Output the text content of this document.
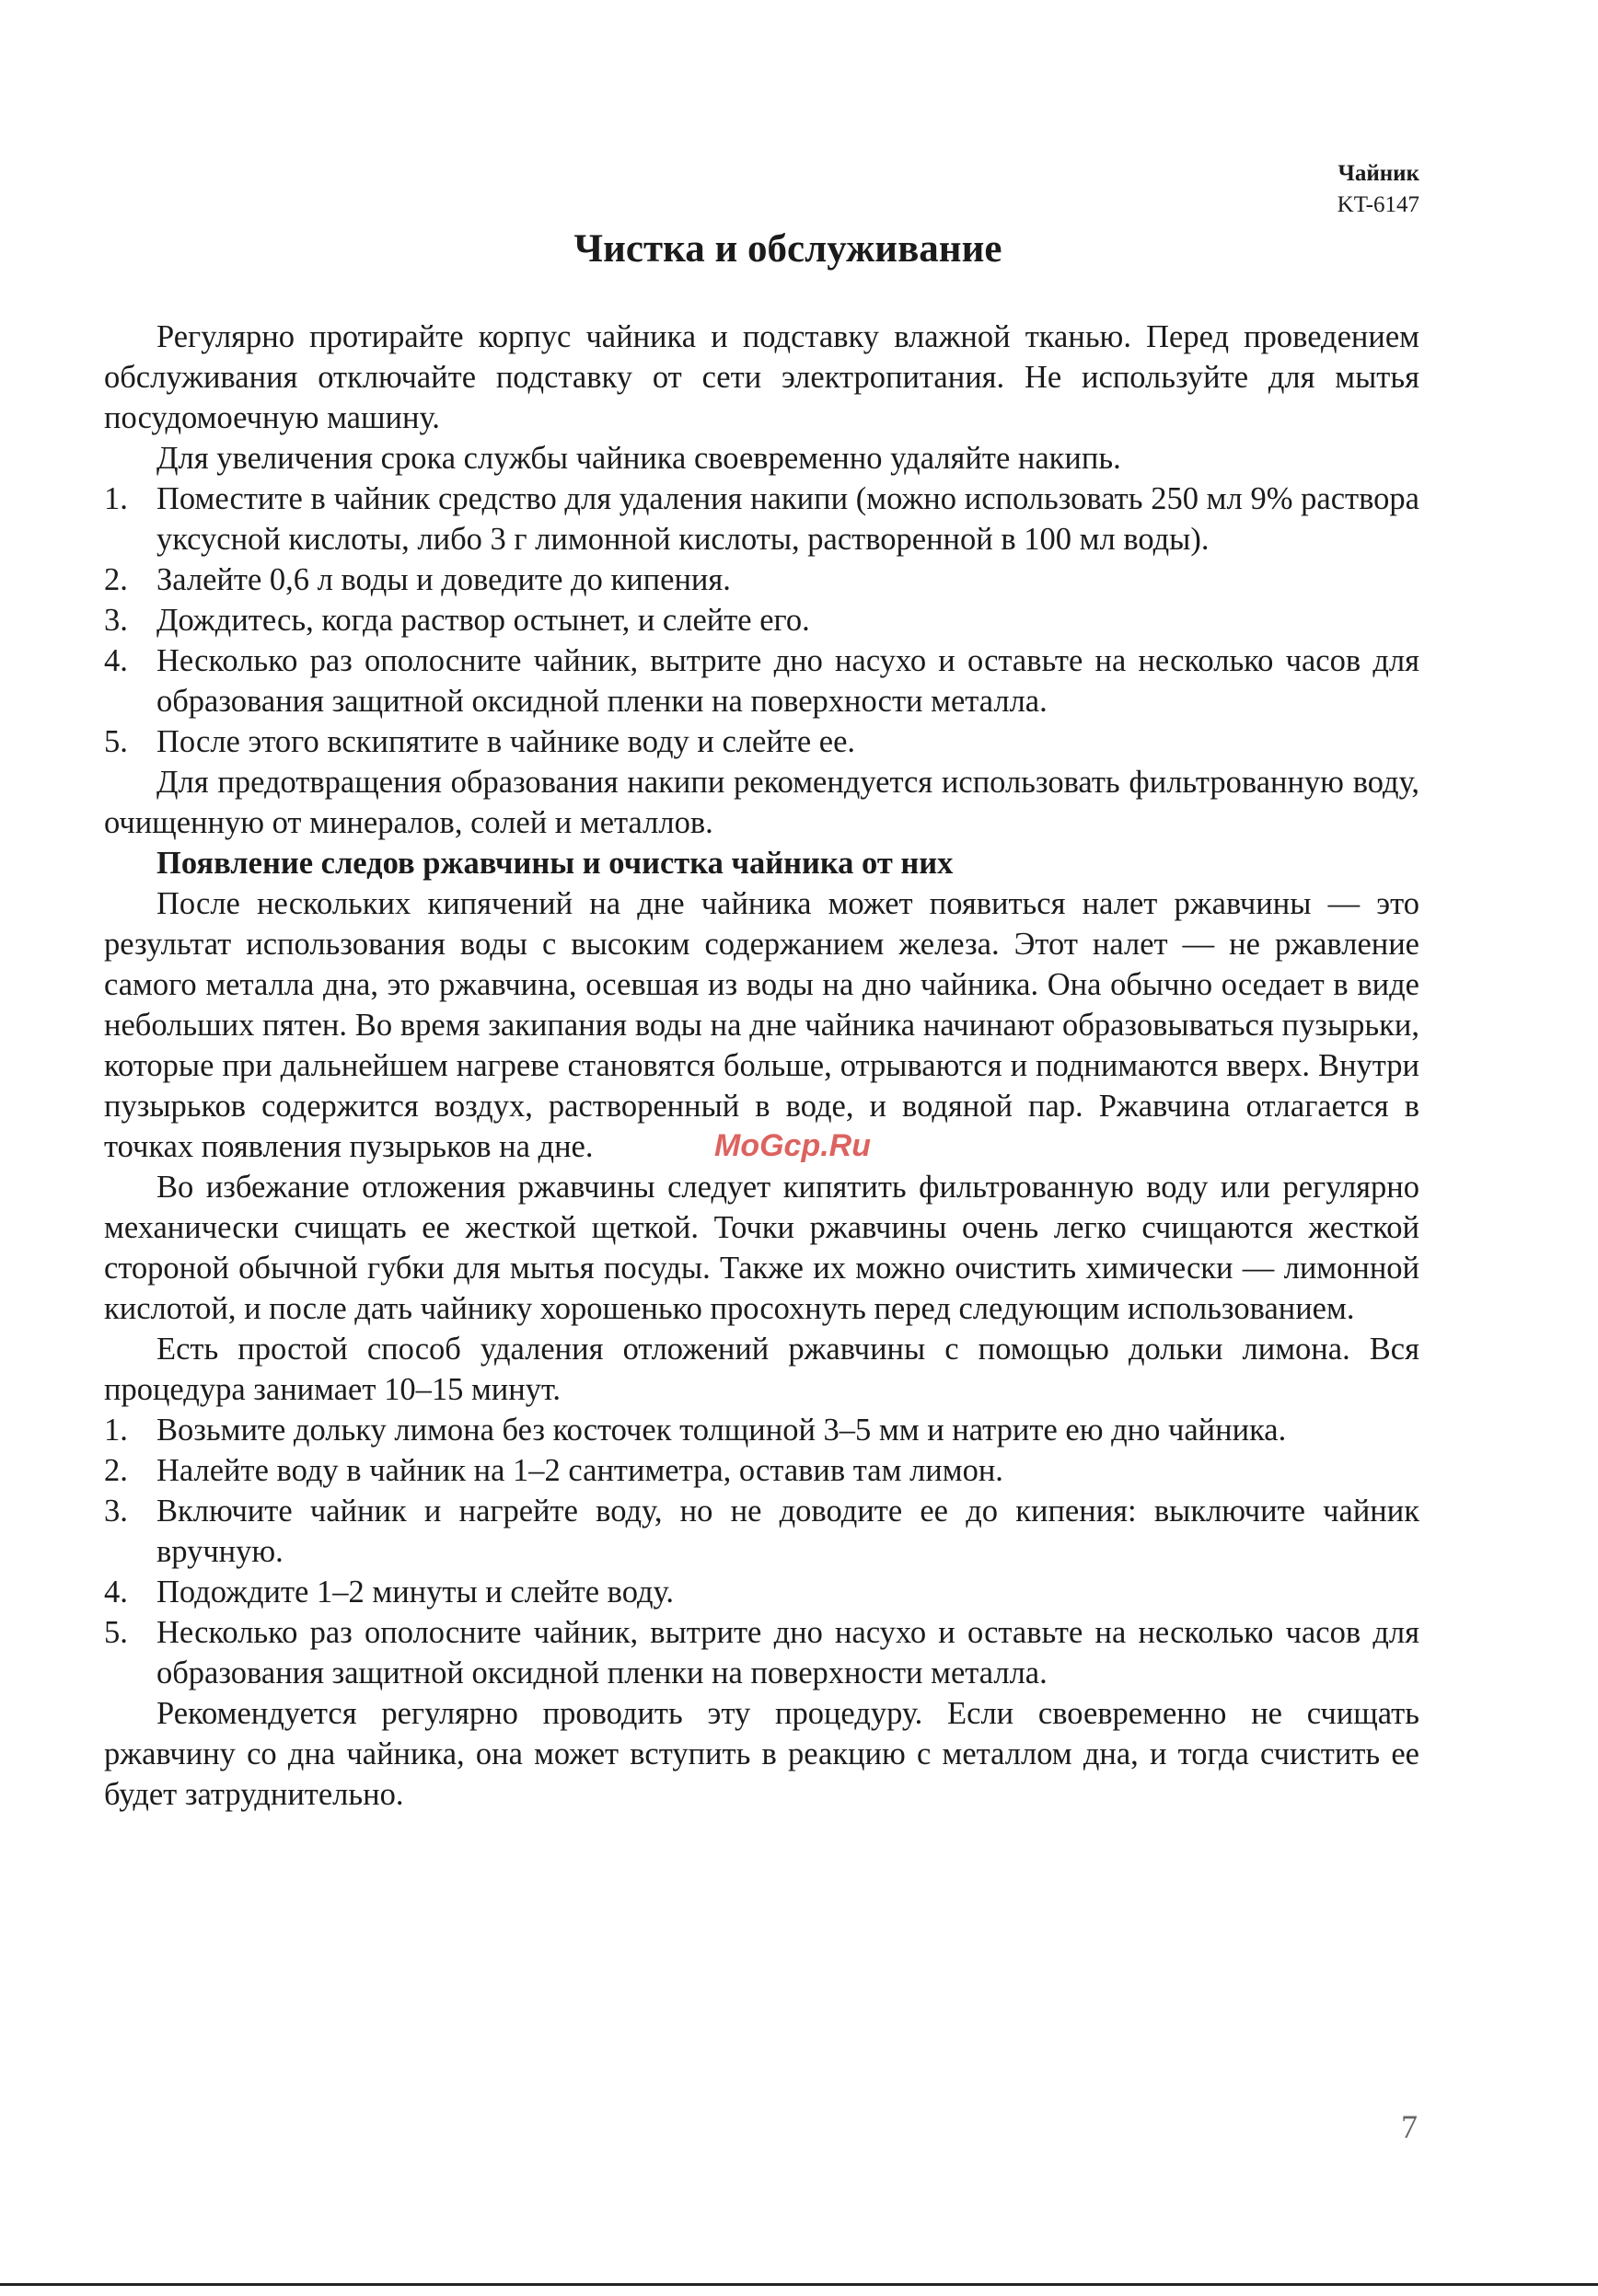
Чайник
KT-6147
Чистка и обслуживание

Регулярно протирайте корпус чайника и подставку влажной тканью. Перед проведением обслуживания отключайте подставку от сети электропитания. Не используйте для мытья посудомоечную машину.

Для увеличения срока службы чайника своевременно удаляйте накипь.

1. Поместите в чайник средство для удаления накипи (можно использовать 250 мл 9% раствора уксусной кислоты, либо 3 г лимонной кислоты, растворенной в 100 мл воды).
2. Залейте 0,6 л воды и доведите до кипения.
3. Дождитесь, когда раствор остынет, и слейте его.
4. Несколько раз ополосните чайник, вытрите дно насухо и оставьте на несколько часов для образования защитной оксидной пленки на поверхности металла.
5. После этого вскипятите в чайнике воду и слейте ее.

Для предотвращения образования накипи рекомендуется использовать фильтрованную воду, очищенную от минералов, солей и металлов.

Появление следов ржавчины и очистка чайника от них

После нескольких кипячений на дне чайника может появиться налет ржавчины — это результат использования воды с высоким содержанием железа. Этот налет — не ржавление самого металла дна, это ржавчина, осевшая из воды на дно чайника. Она обычно оседает в виде небольших пятен. Во время закипания воды на дне чайника начинают образовываться пузырьки, которые при дальнейшем нагреве становятся больше, отрываются и поднимаются вверх. Внутри пузырьков содержится воздух, растворенный в воде, и водяной пар. Ржавчина отлагается в точках появления пузырьков на дне.

Во избежание отложения ржавчины следует кипятить фильтрованную воду или регулярно механически счищать ее жесткой щеткой. Точки ржавчины очень легко счищаются жесткой стороной обычной губки для мытья посуды. Также их можно очистить химически — лимонной кислотой, и после дать чайнику хорошенько просохнуть перед следующим использованием.

Есть простой способ удаления отложений ржавчины с помощью дольки лимона. Вся процедура занимает 10–15 минут.

1. Возьмите дольку лимона без косточек толщиной 3–5 мм и натрите ею дно чайника.
2. Налейте воду в чайник на 1–2 сантиметра, оставив там лимон.
3. Включите чайник и нагрейте воду, но не доводите ее до кипения: выключите чайник вручную.
4. Подождите 1–2 минуты и слейте воду.
5. Несколько раз ополосните чайник, вытрите дно насухо и оставьте на несколько часов для образования защитной оксидной пленки на поверхности металла.

Рекомендуется регулярно проводить эту процедуру. Если своевременно не счищать ржавчину со дна чайника, она может вступить в реакцию с металлом дна, и тогда счистить ее будет затруднительно.

MoGcp.Ru
7
